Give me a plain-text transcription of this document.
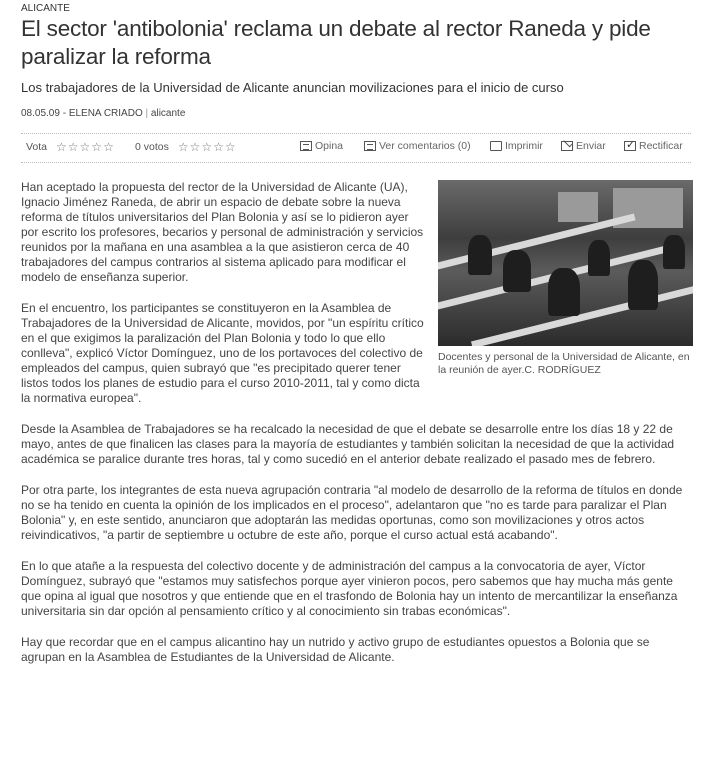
ALICANTE
El sector 'antibolonia' reclama un debate al rector Raneda y pide paralizar la reforma
Los trabajadores de la Universidad de Alicante anuncian movilizaciones para el inicio de curso
08.05.09 - ELENA CRIADO | alicante
Vota ☆☆☆☆☆ 0 votos ☆☆☆☆☆	Opina	Ver comentarios (0)	Imprimir	Enviar
✓	Rectificar
Docentes y personal de la Universidad de Alicante, en la reunión de ayer.C. RODRÍGUEZ

Han aceptado la propuesta del rector de la Universidad de Alicante (UA), Ignacio Jiménez Raneda, de abrir un espacio de debate sobre la nueva reforma de títulos universitarios del Plan Bolonia y así se lo pidieron ayer por escrito los profesores, becarios y personal de administración y servicios reunidos por la mañana en una asamblea a la que asistieron cerca de 40 trabajadores del campus contrarios al sistema aplicado para modificar el modelo de enseñanza superior.

En el encuentro, los participantes se constituyeron en la Asamblea de Trabajadores de la Universidad de Alicante, movidos, por "un espíritu crítico en el que exigimos la paralización del Plan Bolonia y todo lo que ello conlleva", explicó Víctor Domínguez, uno de los portavoces del colectivo de empleados del campus, quien subrayó que "es precipitado querer tener listos todos los planes de estudio para el curso 2010-2011, tal y como dicta la normativa europea".

Desde la Asamblea de Trabajadores se ha recalcado la necesidad de que el debate se desarrolle entre los días 18 y 22 de mayo, antes de que finalicen las clases para la mayoría de estudiantes y también solicitan la necesidad de que la actividad académica se paralice durante tres horas, tal y como sucedió en el anterior debate realizado el pasado mes de febrero.

Por otra parte, los integrantes de esta nueva agrupación contraria "al modelo de desarrollo de la reforma de títulos en donde no se ha tenido en cuenta la opinión de los implicados en el proceso", adelantaron que "no es tarde para paralizar el Plan Bolonia" y, en este sentido, anunciaron que adoptarán las medidas oportunas, como son movilizaciones y otros actos reivindicativos, "a partir de septiembre u octubre de este año, porque el curso actual está acabando".

En lo que atañe a la respuesta del colectivo docente y de administración del campus a la convocatoria de ayer, Víctor Domínguez, subrayó que "estamos muy satisfechos porque ayer vinieron pocos, pero sabemos que hay mucha más gente que opina al igual que nosotros y que entiende que en el trasfondo de Bolonia hay un intento de mercantilizar la enseñanza universitaria sin dar opción al pensamiento crítico y al conocimiento sin trabas económicas".

Hay que recordar que en el campus alicantino hay un nutrido y activo grupo de estudiantes opuestos a Bolonia que se agrupan en la Asamblea de Estudiantes de la Universidad de Alicante.
